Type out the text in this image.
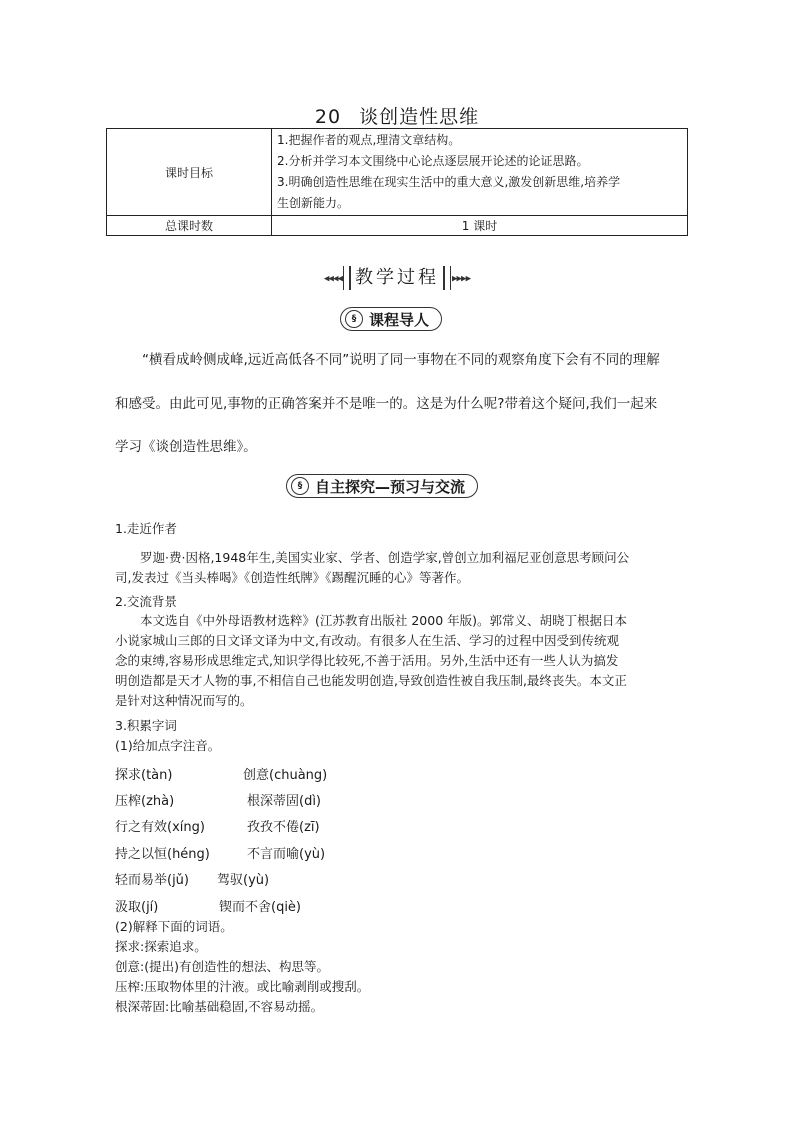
20 谈创造性思维
课时目标	1.把握作者的观点,理清文章结构。
2.分析并学习本文围绕中心论点逐层展开论述的论证思路。
3.明确创造性思维在现实生活中的重大意义,激发创新思维,培养学
生创新能力。

总课时数	1 课时
◂◂◂◂ 教学过程 ▸▸▸▸
§ 课程导人
“横看成岭侧成峰,远近高低各不同”说明了同一事物在不同的观察角度下会有不同的理解
和感受。由此可见,事物的正确答案并不是唯一的。这是为什么呢?带着这个疑问,我们一起来
学习《谈创造性思维》。
§ 自主探究—预习与交流
1.走近作者
罗迦·费·因格,1948年生,美国实业家、学者、创造学家,曾创立加利福尼亚创意思考顾问公
司,发表过《当头棒喝》《创造性纸牌》《踢醒沉睡的心》等著作。
2.交流背景
本文选自《中外母语教材选粹》(江苏教育出版社 2000 年版)。郭常义、胡晓丁根据日本
小说家城山三郎的日文译文译为中文,有改动。有很多人在生活、学习的过程中因受到传统观
念的束缚,容易形成思维定式,知识学得比较死,不善于活用。另外,生活中还有一些人认为搞发
明创造都是天才人物的事,不相信自己也能发明创造,导致创造性被自我压制,最终丧失。本文正
是针对这种情况而写的。
3.积累字词
(1)给加点字注音。
探求(tàn)	创意(chuàng)
压榨(zhà)	根深蒂固(dì)
行之有效(xíng)	孜孜不倦(zī)
持之以恒(héng)	不言而喻(yù)
轻而易举(jǔ) 驾驭(yù)
汲取(jí)	锲而不舍(qiè)
(2)解释下面的词语。
探求:探索追求。
创意:(提出)有创造性的想法、构思等。
压榨:压取物体里的汁液。或比喻剥削或搜刮。
根深蒂固:比喻基础稳固,不容易动摇。
